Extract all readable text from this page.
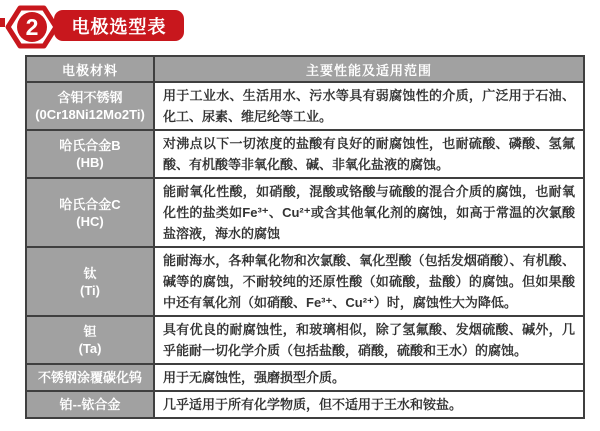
电极选型表
2
电极材料	主要性能及适用范围

含钼不锈钢
(0Cr18Ni12Mo2Ti)	用于工业水、生活用水、污水等具有弱腐蚀性的介质，广泛用于石油、化工、尿素、维尼纶等工业。

哈氏合金B
(HB)	对沸点以下一切浓度的盐酸有良好的耐腐蚀性，也耐硫酸、磷酸、氢氟酸、有机酸等非氧化酸、碱、非氧化盐液的腐蚀。

哈氏合金C
(HC)	能耐氧化性酸，如硝酸，混酸或铬酸与硫酸的混合介质的腐蚀，也耐氧化性的盐类如Fe³⁺、Cu²⁺或含其他氧化剂的腐蚀，如高于常温的次氯酸盐溶液，海水的腐蚀

钛
(Ti)	能耐海水，各种氧化物和次氯酸、氧化型酸（包括发烟硝酸）、有机酸、碱等的腐蚀，不耐较纯的还原性酸（如硫酸，盐酸）的腐蚀。但如果酸中还有氧化剂（如硝酸、Fe³⁺、Cu²⁺）时，腐蚀性大为降低。

钽
(Ta)	具有优良的耐腐蚀性，和玻璃相似，除了氢氟酸、发烟硫酸、碱外，几乎能耐一切化学介质（包括盐酸，硝酸，硫酸和王水）的腐蚀。

不锈钢涂覆碳化钨	用于无腐蚀性，强磨损型介质。

铂--铱合金	几乎适用于所有化学物质，但不适用于王水和铵盐。
